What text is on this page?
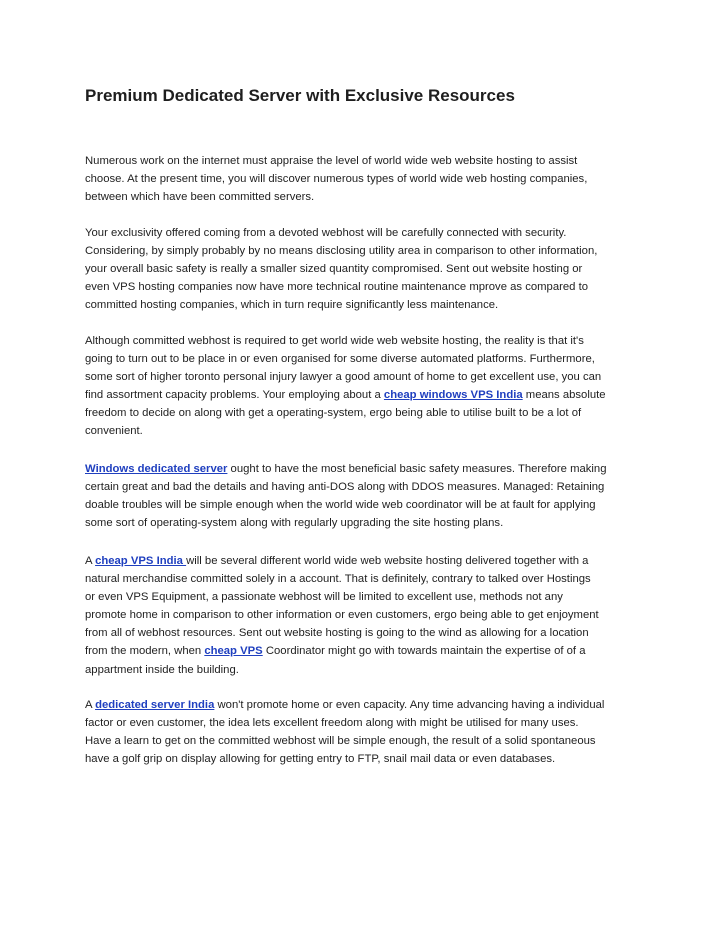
Premium Dedicated Server with Exclusive Resources

Numerous work on the internet must appraise the level of world wide web website hosting to assist
choose. At the present time, you will discover numerous types of world wide web hosting companies,
between which have been committed servers.

Your exclusivity offered coming from a devoted webhost will be carefully connected with security.
Considering, by simply probably by no means disclosing utility area in comparison to other information,
your overall basic safety is really a smaller sized quantity compromised. Sent out website hosting or
even VPS hosting companies now have more technical routine maintenance mprove as compared to
committed hosting companies, which in turn require significantly less maintenance.

Although committed webhost is required to get world wide web website hosting, the reality is that it's
going to turn out to be place in or even organised for some diverse automated platforms. Furthermore,
some sort of higher toronto personal injury lawyer a good amount of home to get excellent use, you can
find assortment capacity problems. Your employing about a cheap windows VPS India means absolute
freedom to decide on along with get a operating-system, ergo being able to utilise built to be a lot of
convenient.

Windows dedicated server ought to have the most beneficial basic safety measures. Therefore making
certain great and bad the details and having anti-DOS along with DDOS measures. Managed: Retaining
doable troubles will be simple enough when the world wide web coordinator will be at fault for applying
some sort of operating-system along with regularly upgrading the site hosting plans.

A cheap VPS India will be several different world wide web website hosting delivered together with a
natural merchandise committed solely in a account. That is definitely, contrary to talked over Hostings
or even VPS Equipment, a passionate webhost will be limited to excellent use, methods not any
promote home in comparison to other information or even customers, ergo being able to get enjoyment
from all of webhost resources. Sent out website hosting is going to the wind as allowing for a location
from the modern, when cheap VPS Coordinator might go with towards maintain the expertise of of a
appartment inside the building.

A dedicated server India won't promote home or even capacity. Any time advancing having a individual
factor or even customer, the idea lets excellent freedom along with might be utilised for many uses.
Have a learn to get on the committed webhost will be simple enough, the result of a solid spontaneous
have a golf grip on display allowing for getting entry to FTP, snail mail data or even databases.
